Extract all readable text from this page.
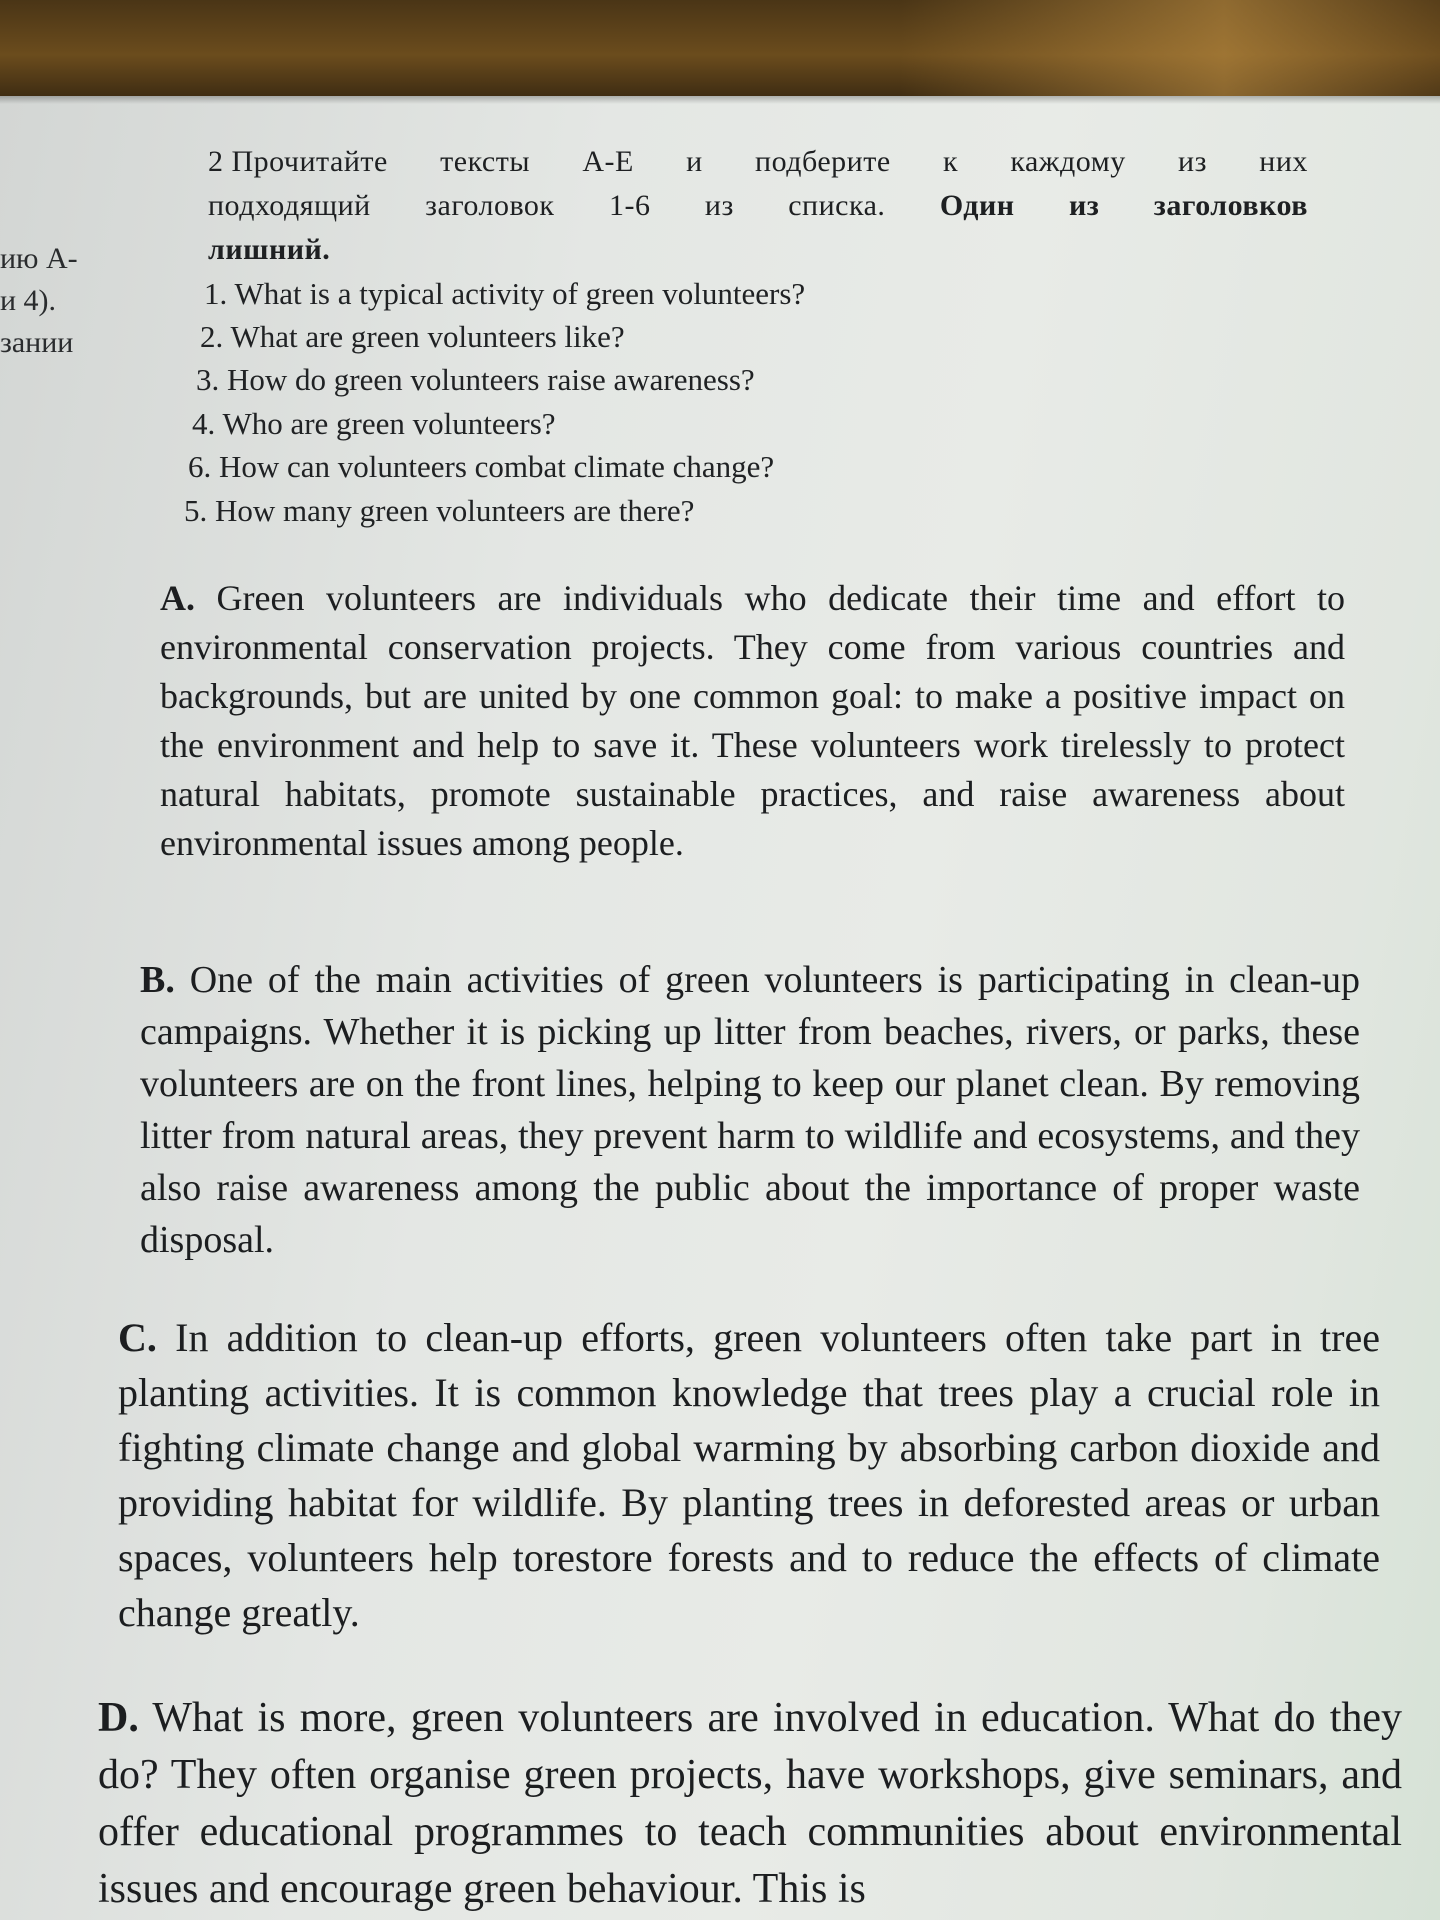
ию А-
и 4).
зании
2 Прочитайте тексты А-Е и подберите к каждому из них
подходящий заголовок 1-6 из списка. Один из заголовков
лишний.
1. What is a typical activity of green volunteers?
2. What are green volunteers like?
3. How do green volunteers raise awareness?
4. Who are green volunteers?
6. How can volunteers combat climate change?
5. How many green volunteers are there?
A. Green volunteers are individuals who dedicate their time and effort to environmental conservation projects. They come from various countries and backgrounds, but are united by one common goal: to make a positive impact on the environment and help to save it. These volunteers work tirelessly to protect natural habitats, promote sustainable practices, and raise awareness about environmental issues among people.
B. One of the main activities of green volunteers is participating in clean-up campaigns. Whether it is picking up litter from beaches, rivers, or parks, these volunteers are on the front lines, helping to keep our planet clean. By removing litter from natural areas, they prevent harm to wildlife and ecosystems, and they also raise awareness among the public about the importance of proper waste disposal.
C. In addition to clean-up efforts, green volunteers often take part in tree planting activities. It is common knowledge that trees play a crucial role in fighting climate change and global warming by absorbing carbon dioxide and providing habitat for wildlife. By planting trees in deforested areas or urban spaces, volunteers help torestore forests and to reduce the effects of climate change greatly.
D. What is more, green volunteers are involved in education. What do they do? They often organise green projects, have workshops, give seminars, and offer educational programmes to teach communities about environmental issues and encourage green behaviour. This is
